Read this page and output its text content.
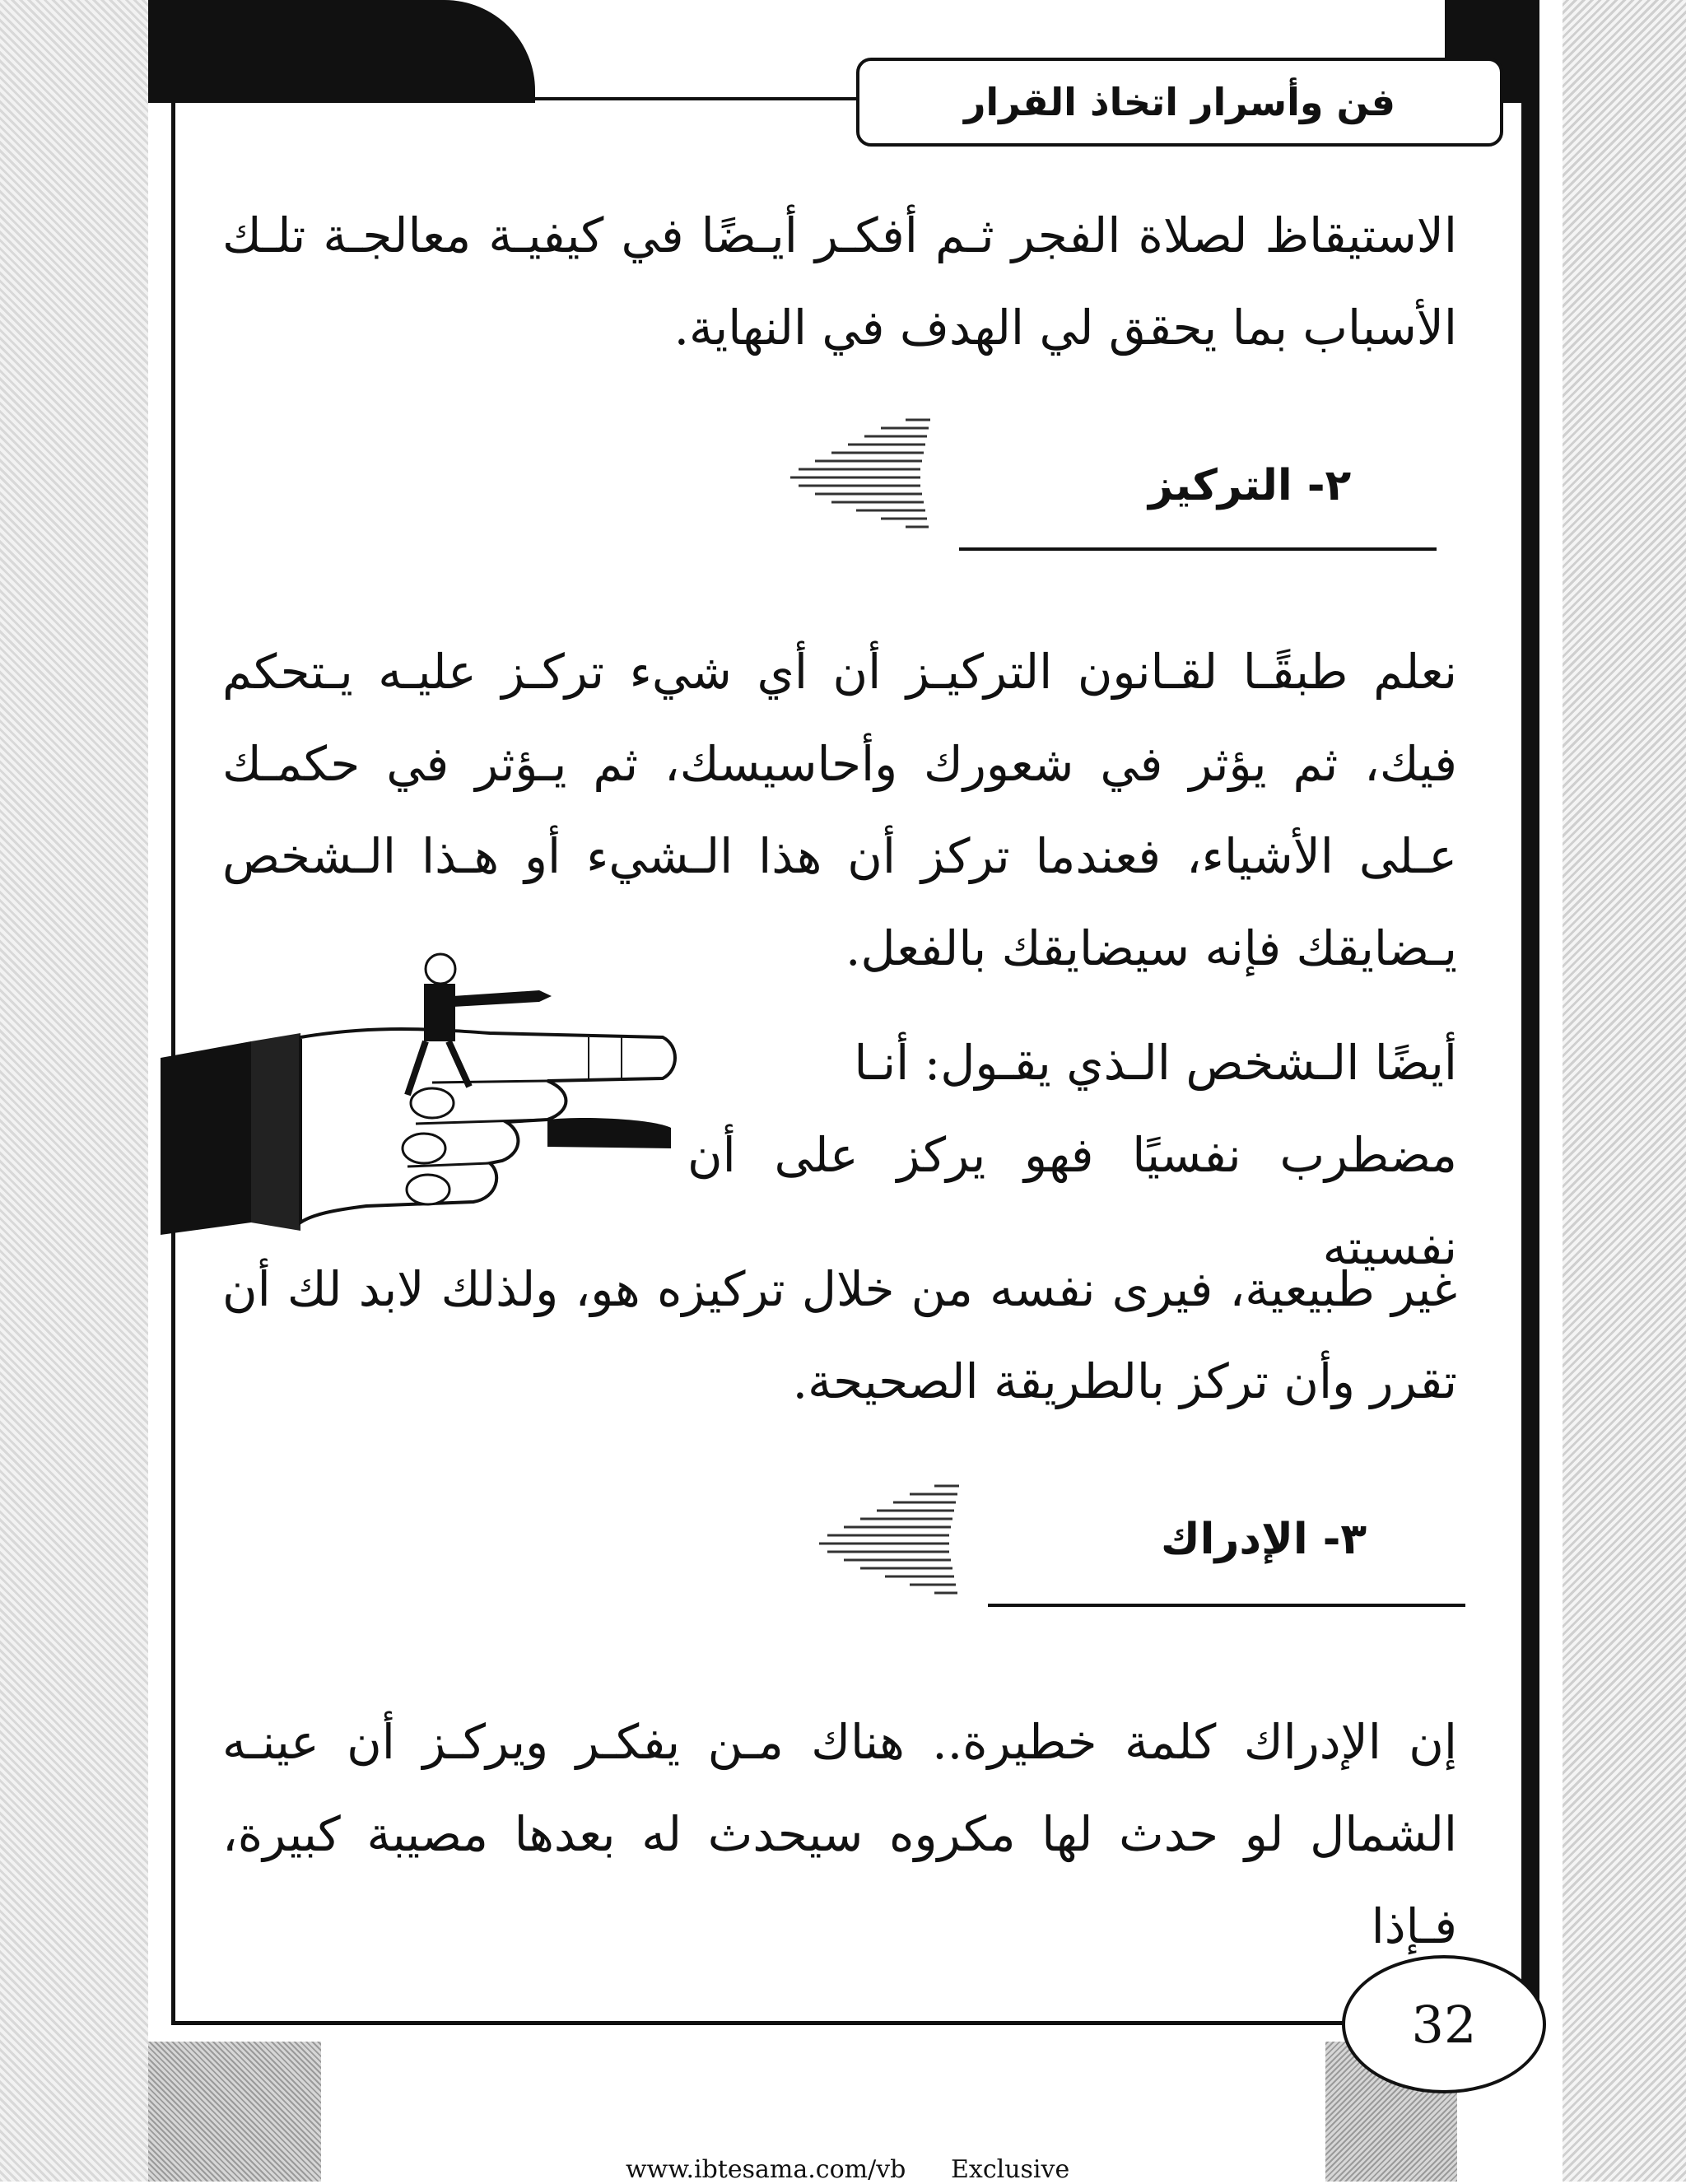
فن وأسرار اتخاذ القرار
الاستيقاظ لصلاة الفجر ثـم أفكـر أيـضًا في كيفيـة معالجـة تلـك الأسباب بما يحقق لي الهدف في النهاية.
٢- التركيز
نعلم طبقًـا لقـانون التركيـز أن أي شيء تركـز عليـه يـتحكم فيك، ثم يؤثر في شعورك وأحاسيسك، ثم يـؤثر في حكمـك عـلى الأشياء، فعندما تركز أن هذا الـشيء أو هـذا الـشخص يـضايقك فإنه سيضايقك بالفعل.
أيضًا الـشخص الـذي يقـول: أنـا
مضطرب نفسيًا فهو يركز على أن نفسيته
غير طبيعية، فيرى نفسه من خلال تركيزه هو، ولذلك لابد لك أن تقرر وأن تركز بالطريقة الصحيحة.
٣- الإدراك
إن الإدراك كلمة خطيرة.. هناك مـن يفكـر ويركـز أن عينـه الشمال لو حدث لها مكروه سيحدث له بعدها مصيبة كبيرة، فـإذا
32
www.ibtesama.com/vb Exclusive
